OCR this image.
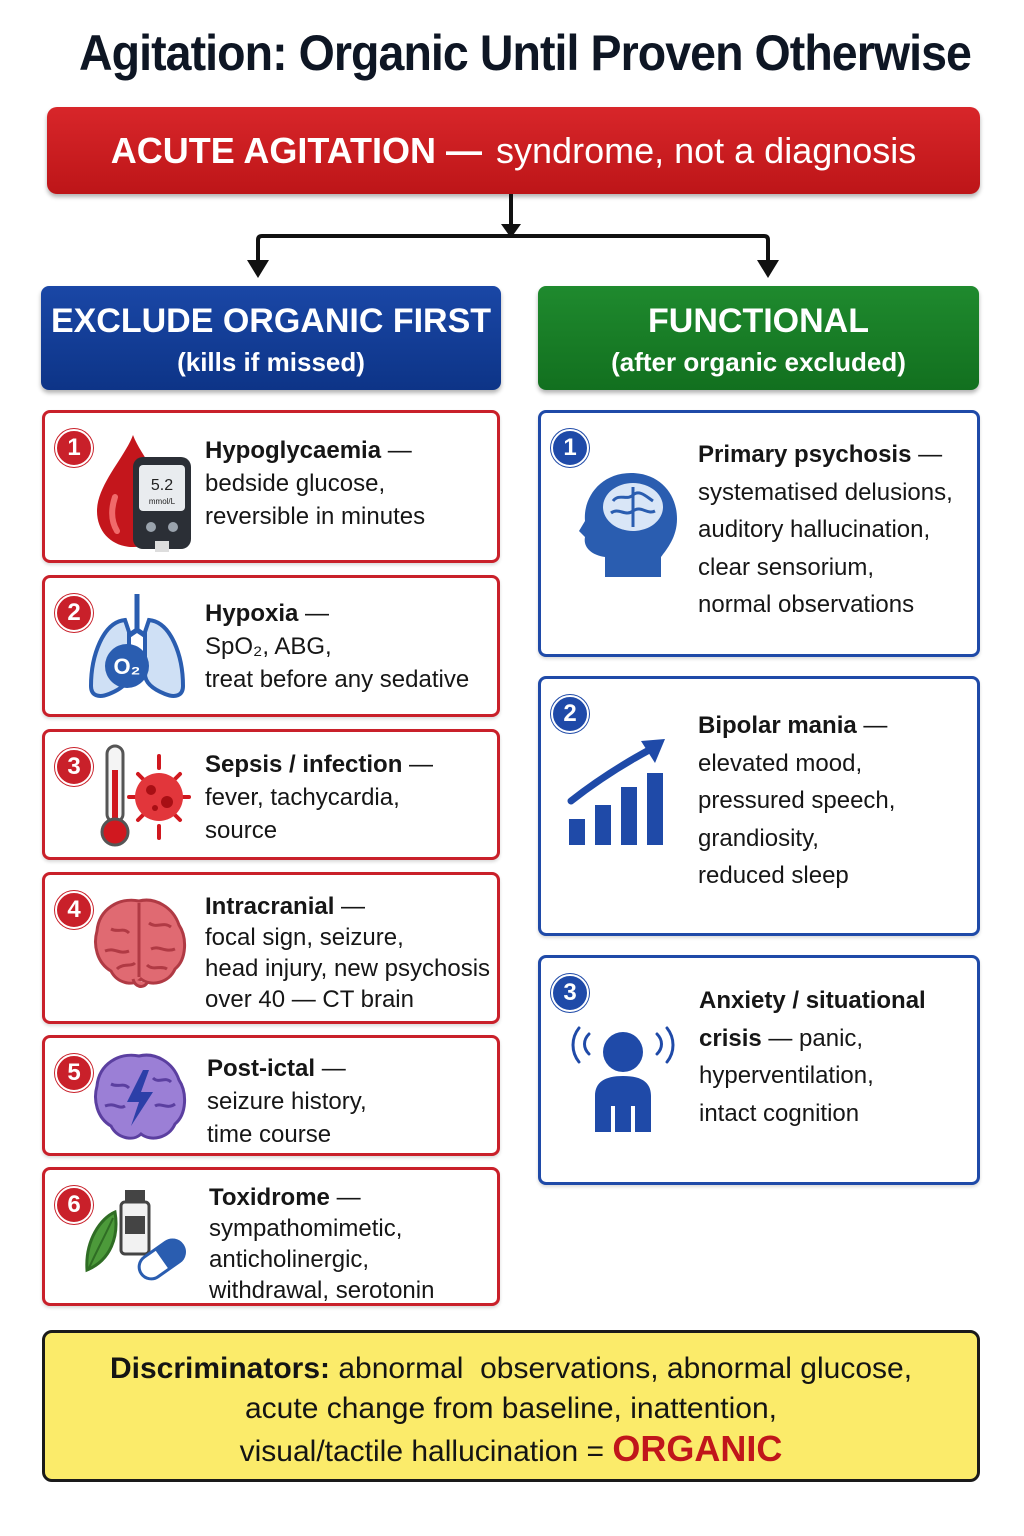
Agitation: Organic Until Proven Otherwise
ACUTE AGITATION — syndrome, not a diagnosis
EXCLUDE ORGANIC FIRST
(kills if missed)
FUNCTIONAL
(after organic excluded)
1
5.2
mmol/L
Hypoglycaemia —
bedside glucose,
reversible in minutes
2
O₂
Hypoxia —
SpO₂, ABG,
treat before any sedative
3	Sepsis / infection —
fever, tachycardia,
source
4	Intracranial —
focal sign, seizure,
head injury, new psychosis
over 40 — CT brain
5	Post-ictal —
seizure history,
time course
6	Toxidrome —
sympathomimetic,
anticholinergic,
withdrawal, serotonin
1	Primary psychosis —
systematised delusions,
auditory hallucination,
clear sensorium,
normal observations
2	Bipolar mania —
elevated mood,
pressured speech,
grandiosity,
reduced sleep
3	Anxiety / situational
crisis — panic,
hyperventilation,
intact cognition
Discriminators: abnormal  observations, abnormal glucose,
acute change from baseline, inattention,
visual/tactile hallucination = ORGANIC
